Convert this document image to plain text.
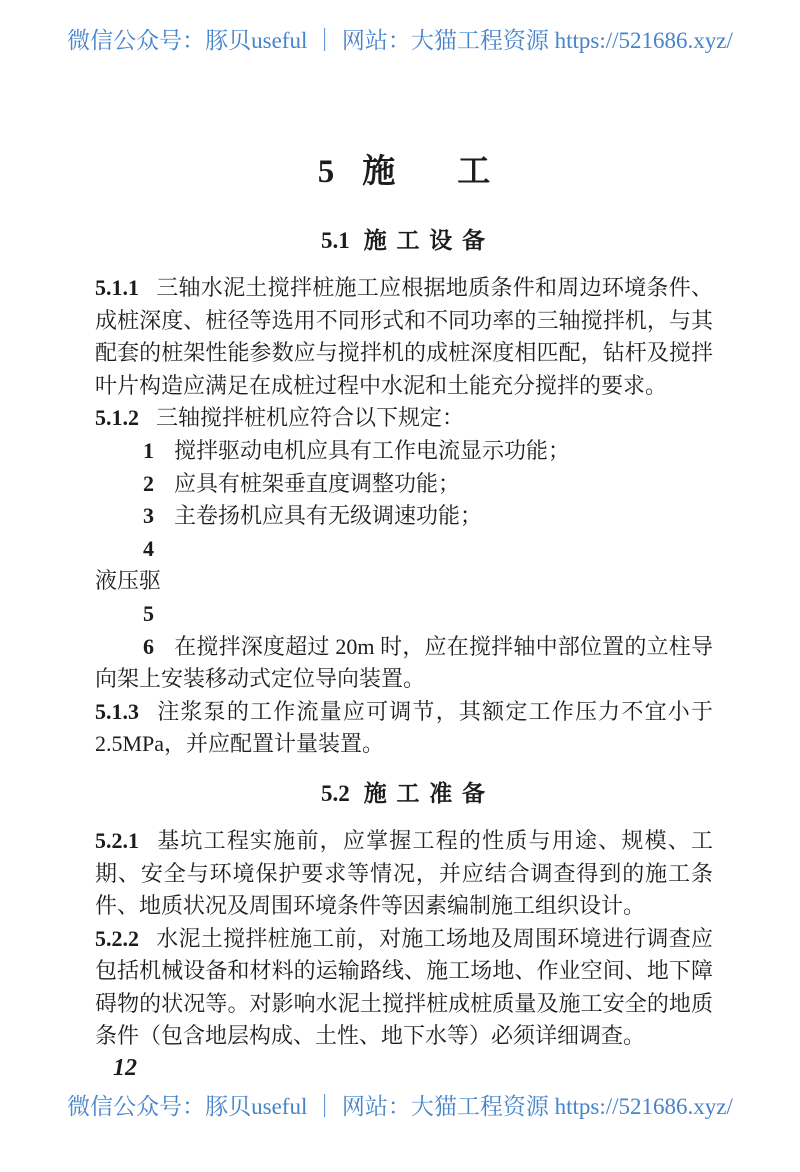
微信公众号：豚贝useful ｜ 网站：大猫工程资源 https://521686.xyz/
5 施 工
5.1 施 工 设 备

5.1.1 三轴水泥土搅拌桩施工应根据地质条件和周边环境条件、成桩深度、桩径等选用不同形式和不同功率的三轴搅拌机，与其配套的桩架性能参数应与搅拌机的成桩深度相匹配，钻杆及搅拌叶片构造应满足在成桩过程中水泥和土能充分搅拌的要求。

5.1.2 三轴搅拌桩机应符合以下规定：

1 搅拌驱动电机应具有工作电流显示功能；

2 应具有桩架垂直度调整功能；

3 主卷扬机应具有无级调速功能；

4

液压驱

5

6 在搅拌深度超过 20m 时，应在搅拌轴中部位置的立柱导向架上安装移动式定位导向装置。

5.1.3 注浆泵的工作流量应可调节，其额定工作压力不宜小于 2.5MPa，并应配置计量装置。

5.2 施 工 准 备

5.2.1 基坑工程实施前，应掌握工程的性质与用途、规模、工期、安全与环境保护要求等情况，并应结合调查得到的施工条件、地质状况及周围环境条件等因素编制施工组织设计。

5.2.2 水泥土搅拌桩施工前，对施工场地及周围环境进行调查应包括机械设备和材料的运输路线、施工场地、作业空间、地下障碍物的状况等。对影响水泥土搅拌桩成桩质量及施工安全的地质条件（包含地层构成、土性、地下水等）必须详细调查。

12
微信公众号：豚贝useful ｜ 网站：大猫工程资源 https://521686.xyz/
